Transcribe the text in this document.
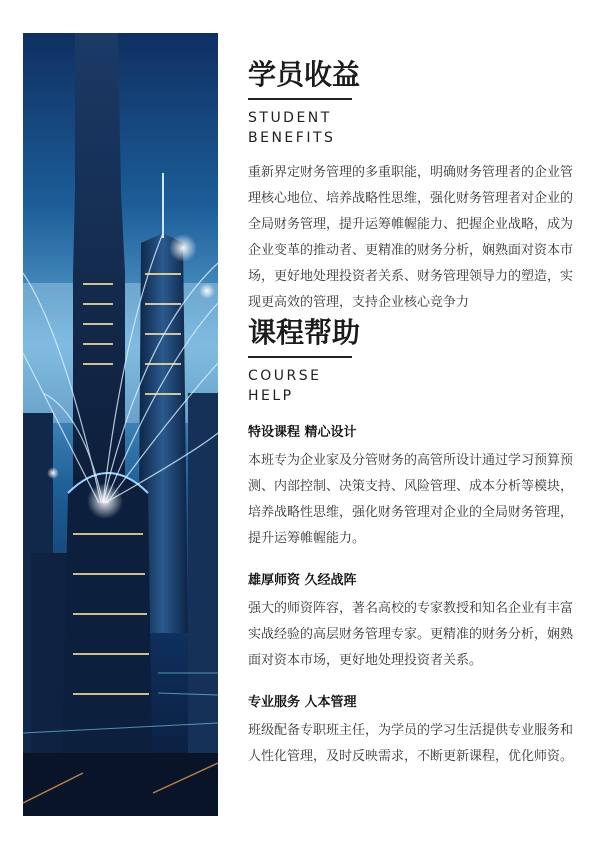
学员收益
STUDENT
BENEFITS
重新界定财务管理的多重职能，明确财务管理者的企业管理核心地位、培养战略性思维，强化财务管理者对企业的全局财务管理，提升运筹帷幄能力、把握企业战略，成为企业变革的推动者、更精准的财务分析，娴熟面对资本市场，更好地处理投资者关系、财务管理领导力的塑造，实现更高效的管理，支持企业核心竞争力
课程帮助
COURSE
HELP
特设课程 精心设计
本班专为企业家及分管财务的高管所设计通过学习预算预测、内部控制、决策支持、风险管理、成本分析等模块，培养战略性思维，强化财务管理对企业的全局财务管理，提升运筹帷幄能力。
雄厚师资 久经战阵
强大的师资阵容，著名高校的专家教授和知名企业有丰富实战经验的高层财务管理专家。更精准的财务分析，娴熟面对资本市场，更好地处理投资者关系。
专业服务 人本管理
班级配备专职班主任，为学员的学习生活提供专业服务和人性化管理，及时反映需求，不断更新课程，优化师资。
